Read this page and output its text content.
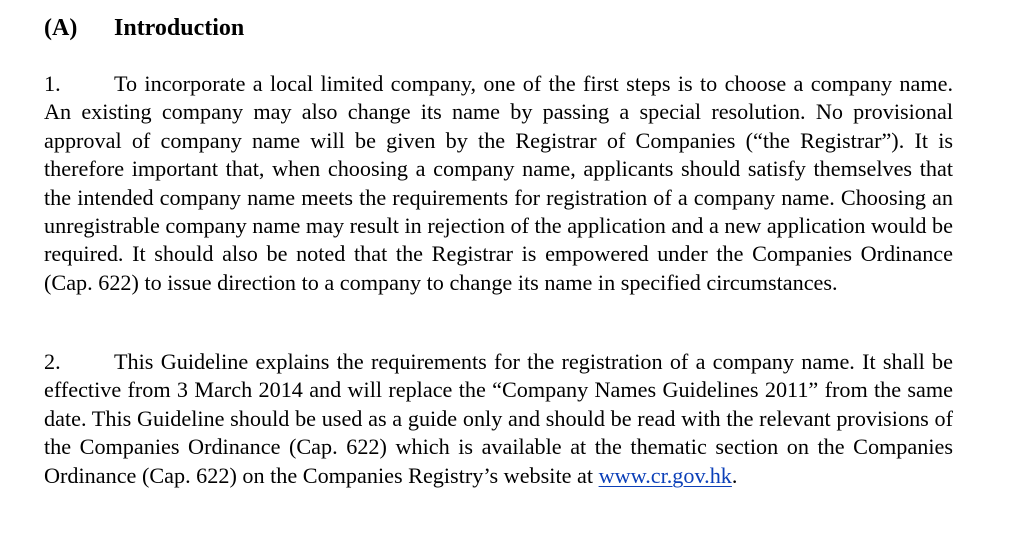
(A) Introduction

1. To incorporate a local limited company, one of the first steps is to choose a company name. An existing company may also change its name by passing a special resolution. No provisional approval of company name will be given by the Registrar of Companies (“the Registrar”). It is therefore important that, when choosing a company name, applicants should satisfy themselves that the intended company name meets the requirements for registration of a company name. Choosing an unregistrable company name may result in rejection of the application and a new application would be required. It should also be noted that the Registrar is empowered under the Companies Ordinance (Cap. 622) to issue direction to a company to change its name in specified circumstances.

2. This Guideline explains the requirements for the registration of a company name. It shall be effective from 3 March 2014 and will replace the “Company Names Guidelines 2011” from the same date. This Guideline should be used as a guide only and should be read with the relevant provisions of the Companies Ordinance (Cap. 622) which is available at the thematic section on the Companies Ordinance (Cap. 622) on the Companies Registry’s website at www.cr.gov.hk.
